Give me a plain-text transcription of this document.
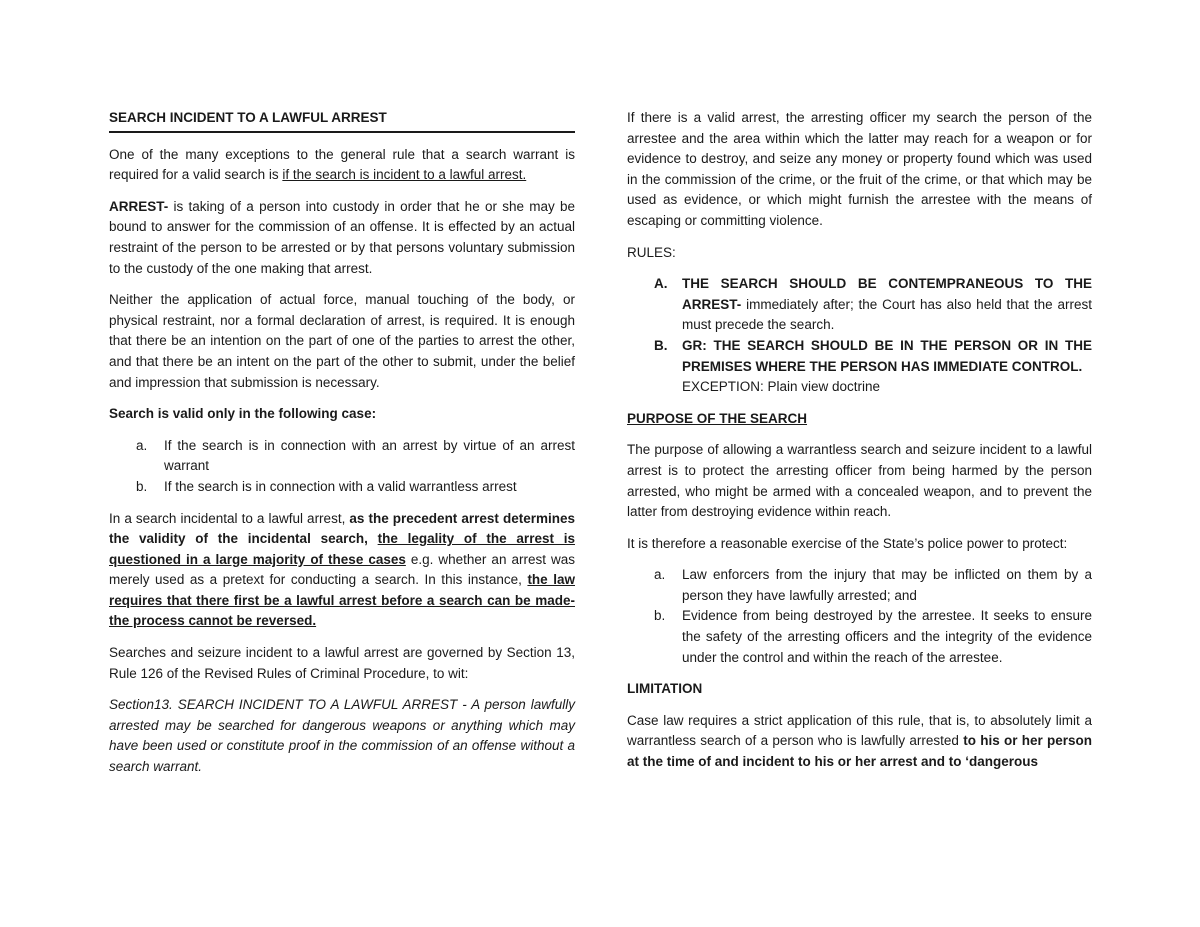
SEARCH INCIDENT TO A LAWFUL ARREST

One of the many exceptions to the general rule that a search warrant is required for a valid search is if the search is incident to a lawful arrest.

ARREST- is taking of a person into custody in order that he or she may be bound to answer for the commission of an offense. It is effected by an actual restraint of the person to be arrested or by that persons voluntary submission to the custody of the one making that arrest.

Neither the application of actual force, manual touching of the body, or physical restraint, nor a formal declaration of arrest, is required. It is enough that there be an intention on the part of one of the parties to arrest the other, and that there be an intent on the part of the other to submit, under the belief and impression that submission is necessary.

Search is valid only in the following case:

a. If the search is in connection with an arrest by virtue of an arrest warrant
b. If the search is in connection with a valid warrantless arrest

In a search incidental to a lawful arrest, as the precedent arrest determines the validity of the incidental search, the legality of the arrest is questioned in a large majority of these cases e.g. whether an arrest was merely used as a pretext for conducting a search. In this instance, the law requires that there first be a lawful arrest before a search can be made- the process cannot be reversed.

Searches and seizure incident to a lawful arrest are governed by Section 13, Rule 126 of the Revised Rules of Criminal Procedure, to wit:

Section13. SEARCH INCIDENT TO A LAWFUL ARREST - A person lawfully arrested may be searched for dangerous weapons or anything which may have been used or constitute proof in the commission of an offense without a search warrant.

If there is a valid arrest, the arresting officer my search the person of the arrestee and the area within which the latter may reach for a weapon or for evidence to destroy, and seize any money or property found which was used in the commission of the crime, or the fruit of the crime, or that which may be used as evidence, or which might furnish the arrestee with the means of escaping or committing violence.

RULES:

A. THE SEARCH SHOULD BE CONTEMPRANEOUS TO THE ARREST- immediately after; the Court has also held that the arrest must precede the search.
B. GR: THE SEARCH SHOULD BE IN THE PERSON OR IN THE PREMISES WHERE THE PERSON HAS IMMEDIATE CONTROL.
EXCEPTION: Plain view doctrine

PURPOSE OF THE SEARCH

The purpose of allowing a warrantless search and seizure incident to a lawful arrest is to protect the arresting officer from being harmed by the person arrested, who might be armed with a concealed weapon, and to prevent the latter from destroying evidence within reach.

It is therefore a reasonable exercise of the State’s police power to protect:

a. Law enforcers from the injury that may be inflicted on them by a person they have lawfully arrested; and
b. Evidence from being destroyed by the arrestee. It seeks to ensure the safety of the arresting officers and the integrity of the evidence under the control and within the reach of the arrestee.

LIMITATION

Case law requires a strict application of this rule, that is, to absolutely limit a warrantless search of a person who is lawfully arrested to his or her person at the time of and incident to his or her arrest and to ‘dangerous
